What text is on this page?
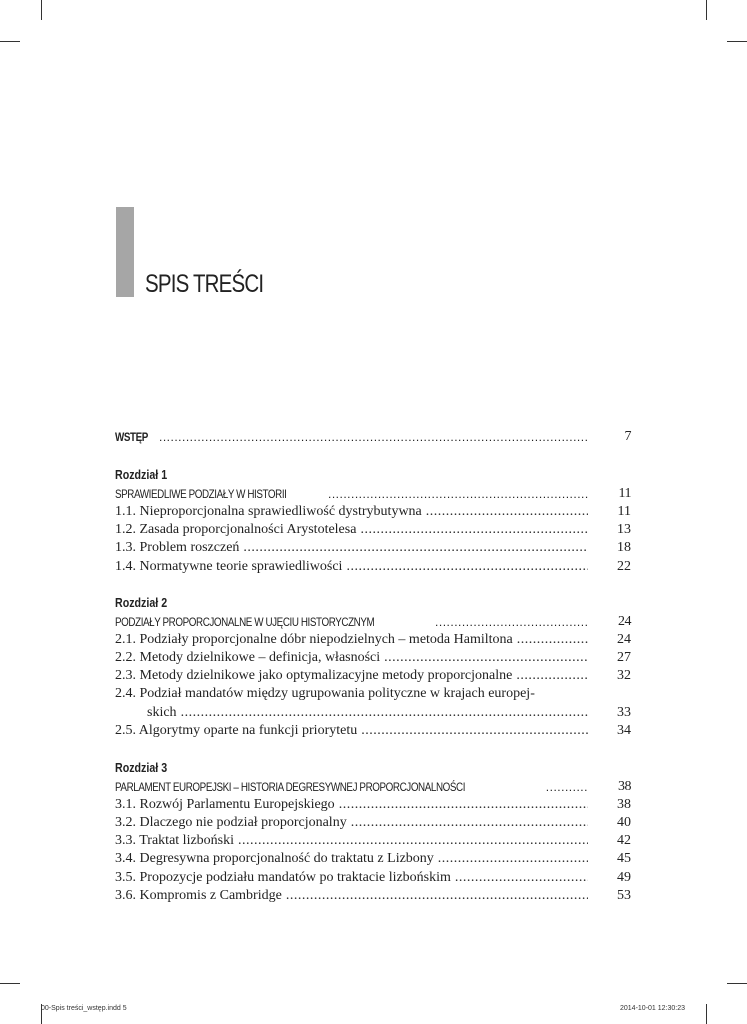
SPIS TREŚCI
WSTĘP .....	7
Rozdział 1
SPRAWIEDLIWE PODZIAŁY W HISTORII .....	11
1.1. Nieproporcjonalna sprawiedliwość dystrybutywna .....	11
1.2. Zasada proporcjonalności Arystotelesa .....	13
1.3. Problem roszczeń .....	18
1.4. Normatywne teorie sprawiedliwości .....	22
Rozdział 2
PODZIAŁY PROPORCJONALNE W UJĘCIU HISTORYCZNYM .....	24
2.1. Podziały proporcjonalne dóbr niepodzielnych – metoda Hamiltona .....	24
2.2. Metody dzielnikowe – definicja, własności .....	27
2.3. Metody dzielnikowe jako optymalizacyjne metody proporcjonalne .....	32
2.4. Podział mandatów między ugrupowania polityczne w krajach europej-
skich .....	33
2.5. Algorytmy oparte na funkcji priorytetu .....	34
Rozdział 3
PARLAMENT EUROPEJSKI – HISTORIA DEGRESYWNEJ PROPORCJONALNOŚCI .....	38
3.1. Rozwój Parlamentu Europejskiego .....	38
3.2. Dlaczego nie podział proporcjonalny .....	40
3.3. Traktat lizboński .....	42
3.4. Degresywna proporcjonalność do traktatu z Lizbony .....	45
3.5. Propozycje podziału mandatów po traktacie lizbońskim .....	49
3.6. Kompromis z Cambridge .....	53
00-Spis treści_wstęp.indd 5	2014-10-01 12:30:23
